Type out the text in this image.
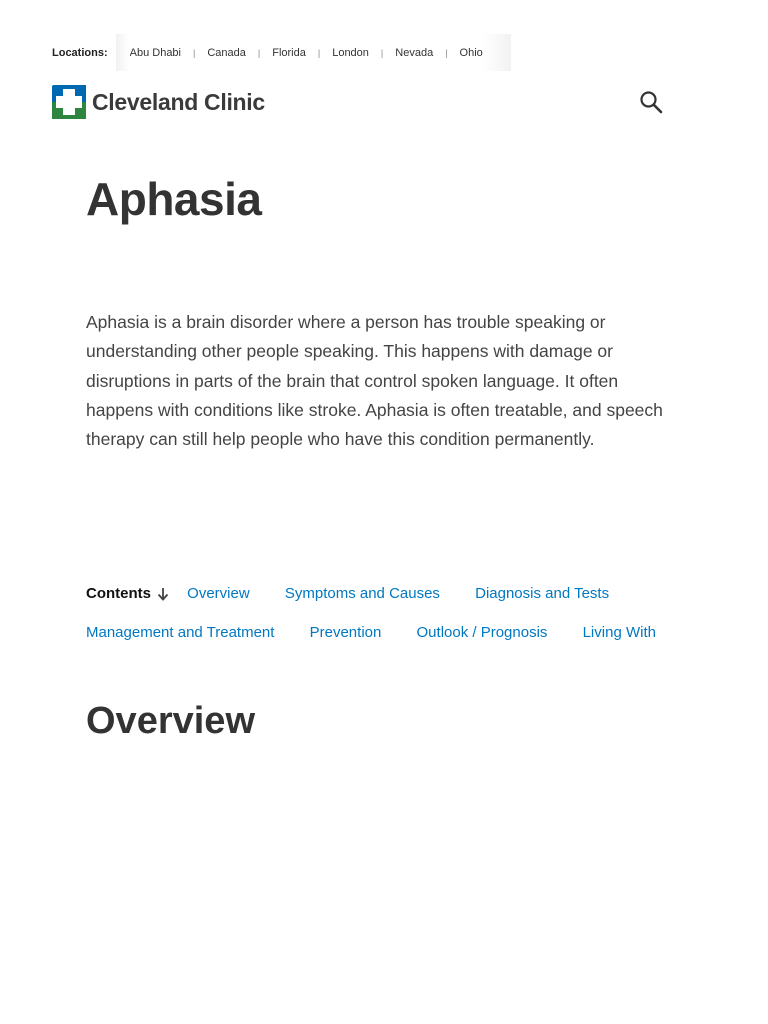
Locations: Abu Dhabi | Canada | Florida | London | Nevada | Ohio
Cleveland Clinic
Aphasia

Aphasia is a brain disorder where a person has trouble speaking or understanding other people speaking. This happens with damage or disruptions in parts of the brain that control spoken language. It often happens with conditions like stroke. Aphasia is often treatable, and speech therapy can still help people who have this condition permanently.

Contents Overview Symptoms and Causes Diagnosis and Tests Management and Treatment Prevention Outlook / Prognosis Living With
Overview
